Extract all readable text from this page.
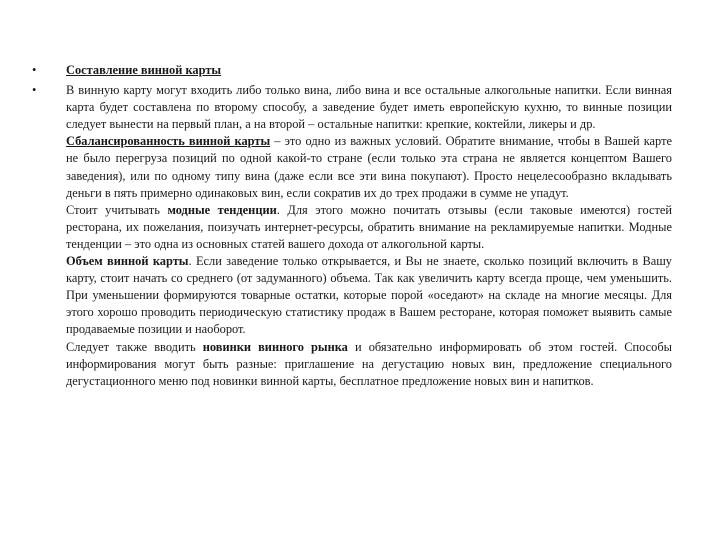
•	Составление винной карты
•	В винную карту могут входить либо только вина, либо вина и все остальные алкогольные напитки. Если винная карта будет составлена по второму способу, а заведение будет иметь европейскую кухню, то винные позиции следует вынести на первый план, а на второй – остальные напитки: крепкие, коктейли, ликеры и др.

Сбалансированность винной карты – это одно из важных условий. Обратите внимание, чтобы в Вашей карте не было перегруза позиций по одной какой-то стране (если только эта страна не является концептом Вашего заведения), или по одному типу вина (даже если все эти вина покупают). Просто нецелесообразно вкладывать деньги в пять примерно одинаковых вин, если сократив их до трех продажи в сумме не упадут.

Стоит учитывать модные тенденции. Для этого можно почитать отзывы (если таковые имеются) гостей ресторана, их пожелания, поизучать интернет-ресурсы, обратить внимание на рекламируемые напитки. Модные тенденции – это одна из основных статей вашего дохода от алкогольной карты.

Объем винной карты. Если заведение только открывается, и Вы не знаете, сколько позиций включить в Вашу карту, стоит начать со среднего (от задуманного) объема. Так как увеличить карту всегда проще, чем уменьшить. При уменьшении формируются товарные остатки, которые порой «оседают» на складе на многие месяцы. Для этого хорошо проводить периодическую статистику продаж в Вашем ресторане, которая поможет выявить самые продаваемые позиции и наоборот.

Следует также вводить новинки винного рынка и обязательно информировать об этом гостей. Способы информирования могут быть разные: приглашение на дегустацию новых вин, предложение специального дегустационного меню под новинки винной карты, бесплатное предложение новых вин и напитков.
